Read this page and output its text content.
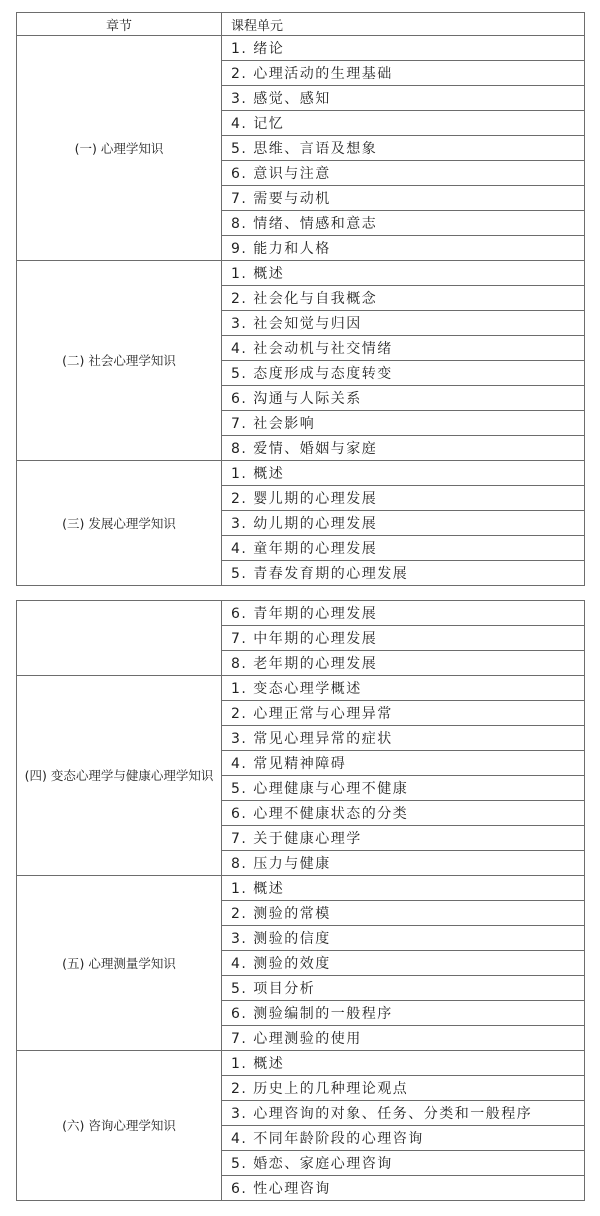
章节	课程单元
(一) 心理学知识	1. 绪论
	2. 心理活动的生理基础
	3. 感觉、感知
	4. 记忆
	5. 思维、言语及想象
	6. 意识与注意
	7. 需要与动机
	8. 情绪、情感和意志
	9. 能力和人格
(二) 社会心理学知识	1. 概述
	2. 社会化与自我概念
	3. 社会知觉与归因
	4. 社会动机与社交情绪
	5. 态度形成与态度转变
	6. 沟通与人际关系
	7. 社会影响
	8. 爱情、婚姻与家庭
(三) 发展心理学知识	1. 概述
	2. 婴儿期的心理发展
	3. 幼儿期的心理发展
	4. 童年期的心理发展
	5. 青春发育期的心理发展
	6. 青年期的心理发展
	7. 中年期的心理发展
	8. 老年期的心理发展
(四) 变态心理学与健康心理学知识	1. 变态心理学概述
	2. 心理正常与心理异常
	3. 常见心理异常的症状
	4. 常见精神障碍
	5. 心理健康与心理不健康
	6. 心理不健康状态的分类
	7. 关于健康心理学
	8. 压力与健康
(五) 心理测量学知识	1. 概述
	2. 测验的常模
	3. 测验的信度
	4. 测验的效度
	5. 项目分析
	6. 测验编制的一般程序
	7. 心理测验的使用
(六) 咨询心理学知识	1. 概述
	2. 历史上的几种理论观点
	3. 心理咨询的对象、任务、分类和一般程序
	4. 不同年龄阶段的心理咨询
	5. 婚恋、家庭心理咨询
	6. 性心理咨询
